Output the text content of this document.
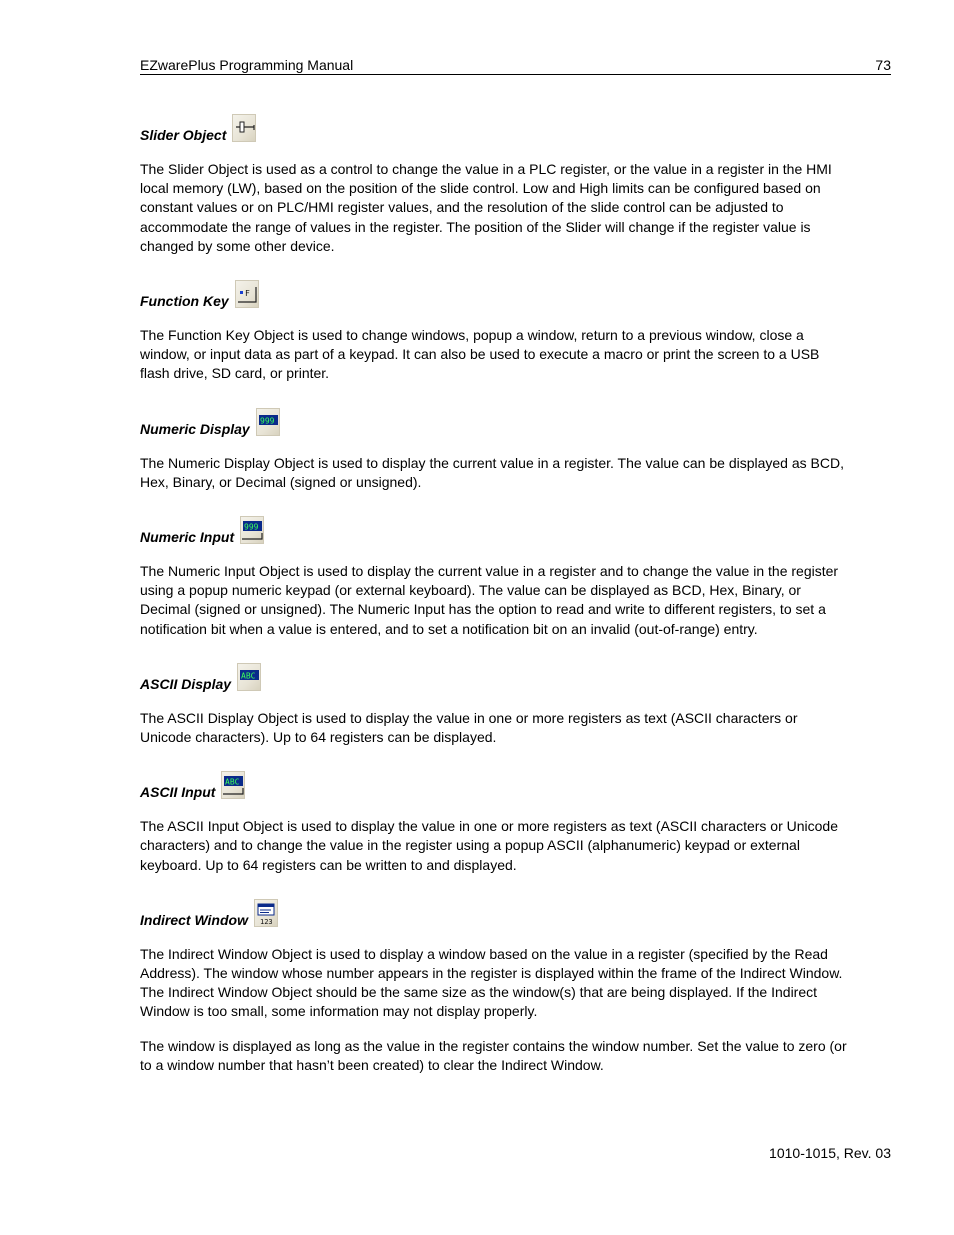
EZwarePlus Programming Manual	73
Slider Object

The Slider Object is used as a control to change the value in a PLC register, or the value in a register in the HMI local memory (LW), based on the position of the slide control. Low and High limits can be configured based on constant values or on PLC/HMI register values, and the resolution of the slide control can be adjusted to accommodate the range of values in the register. The position of the Slider will change if the register value is changed by some other device.

Function Key F

The Function Key Object is used to change windows, popup a window, return to a previous window, close a window, or input data as part of a keypad. It can also be used to execute a macro or print the screen to a USB flash drive, SD card, or printer.

Numeric Display 999

The Numeric Display Object is used to display the current value in a register. The value can be displayed as BCD, Hex, Binary, or Decimal (signed or unsigned).

Numeric Input
999

The Numeric Input Object is used to display the current value in a register and to change the value in the register using a popup numeric keypad (or external keyboard). The value can be displayed as BCD, Hex, Binary, or Decimal (signed or unsigned). The Numeric Input has the option to read and write to different registers, to set a notification bit when a value is entered, and to set a notification bit on an invalid (out-of-range) entry.

ASCII Display ABC

The ASCII Display Object is used to display the value in one or more registers as text (ASCII characters or Unicode characters). Up to 64 registers can be displayed.

ASCII Input
ABC

The ASCII Input Object is used to display the value in one or more registers as text (ASCII characters or Unicode characters) and to change the value in the register using a popup ASCII (alphanumeric) keypad or external keyboard. Up to 64 registers can be written to and displayed.

Indirect Window 123

The Indirect Window Object is used to display a window based on the value in a register (specified by the Read Address). The window whose number appears in the register is displayed within the frame of the Indirect Window. The Indirect Window Object should be the same size as the window(s) that are being displayed. If the Indirect Window is too small, some information may not display properly.

The window is displayed as long as the value in the register contains the window number. Set the value to zero (or to a window number that hasn’t been created) to clear the Indirect Window.

1010-1015, Rev. 03
